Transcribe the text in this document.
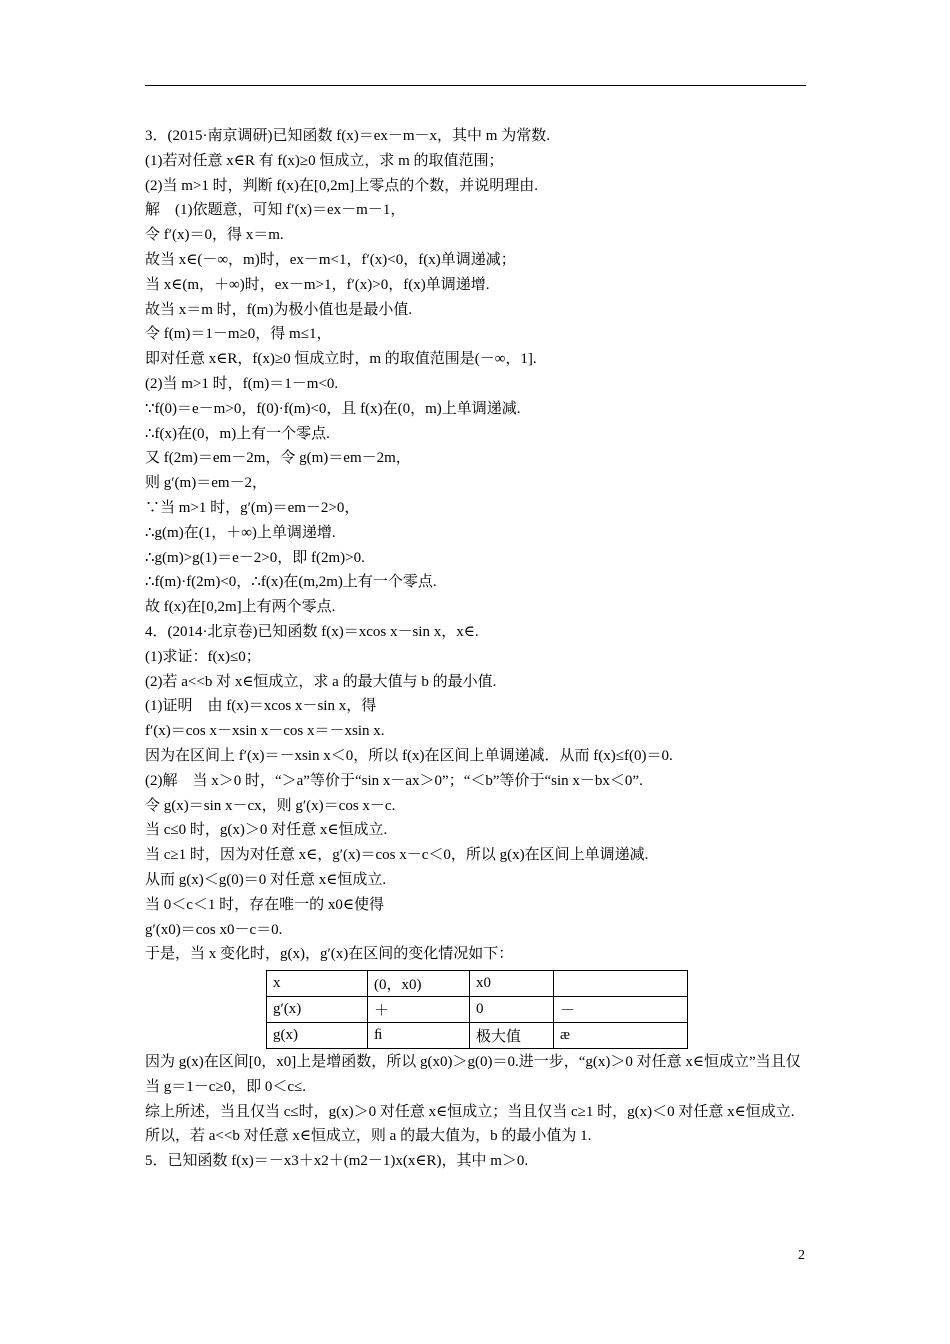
3．(2015·南京调研)已知函数 f(x)＝ex－m－x，其中 m 为常数.
(1)若对任意 x∈R 有 f(x)≥0 恒成立，求 m 的取值范围；
(2)当 m>1 时，判断 f(x)在[0,2m]上零点的个数，并说明理由.
解　(1)依题意，可知 f′(x)＝ex－m－1，
令 f′(x)＝0，得 x＝m.
故当 x∈(－∞，m)时，ex－m<1，f′(x)<0，f(x)单调递减；
当 x∈(m，＋∞)时，ex－m>1，f′(x)>0，f(x)单调递增.
故当 x＝m 时，f(m)为极小值也是最小值.
令 f(m)＝1－m≥0，得 m≤1，
即对任意 x∈R，f(x)≥0 恒成立时，m 的取值范围是(－∞，1].
(2)当 m>1 时，f(m)＝1－m<0.
∵f(0)＝e－m>0，f(0)·f(m)<0，且 f(x)在(0，m)上单调递减.
∴f(x)在(0，m)上有一个零点.
又 f(2m)＝em－2m，令 g(m)＝em－2m，
则 g′(m)＝em－2，
∵当 m>1 时，g′(m)＝em－2>0，
∴g(m)在(1，＋∞)上单调递增.
∴g(m)>g(1)＝e－2>0，即 f(2m)>0.
∴f(m)·f(2m)<0，∴f(x)在(m,2m)上有一个零点.
故 f(x)在[0,2m]上有两个零点.
4．(2014·北京卷)已知函数 f(x)＝xcos x－sin x，x∈.
(1)求证：f(x)≤0；
(2)若 a<<b 对 x∈恒成立，求 a 的最大值与 b 的最小值.
(1)证明　由 f(x)＝xcos x－sin x，得
f′(x)＝cos x－xsin x－cos x＝－xsin x.
因为在区间上 f′(x)＝－xsin x＜0，所以 f(x)在区间上单调递减．从而 f(x)≤f(0)＝0.
(2)解　当 x＞0 时，“＞a”等价于“sin x－ax＞0”；“＜b”等价于“sin x－bx＜0”.
令 g(x)＝sin x－cx，则 g′(x)＝cos x－c.
当 c≤0 时，g(x)＞0 对任意 x∈恒成立.
当 c≥1 时，因为对任意 x∈，g′(x)＝cos x－c＜0，所以 g(x)在区间上单调递减.
从而 g(x)＜g(0)＝0 对任意 x∈恒成立.
当 0＜c＜1 时，存在唯一的 x0∈使得
g′(x0)＝cos x0－c＝0.
于是，当 x 变化时，g(x)，g′(x)在区间的变化情况如下：
x	(0，x0)	x0	
g′(x)	＋	0	－
g(x)	ﬁ	极大值	æ
因为 g(x)在区间[0，x0]上是增函数，所以 g(x0)＞g(0)＝0.进一步，“g(x)＞0 对任意 x∈恒成立”当且仅当 g＝1－c≥0，即 0＜c≤.
综上所述，当且仅当 c≤时，g(x)＞0 对任意 x∈恒成立；当且仅当 c≥1 时，g(x)＜0 对任意 x∈恒成立.
所以，若 a<<b 对任意 x∈恒成立，则 a 的最大值为，b 的最小值为 1.
5．已知函数 f(x)＝－x3＋x2＋(m2－1)x(x∈R)，其中 m＞0.
2
